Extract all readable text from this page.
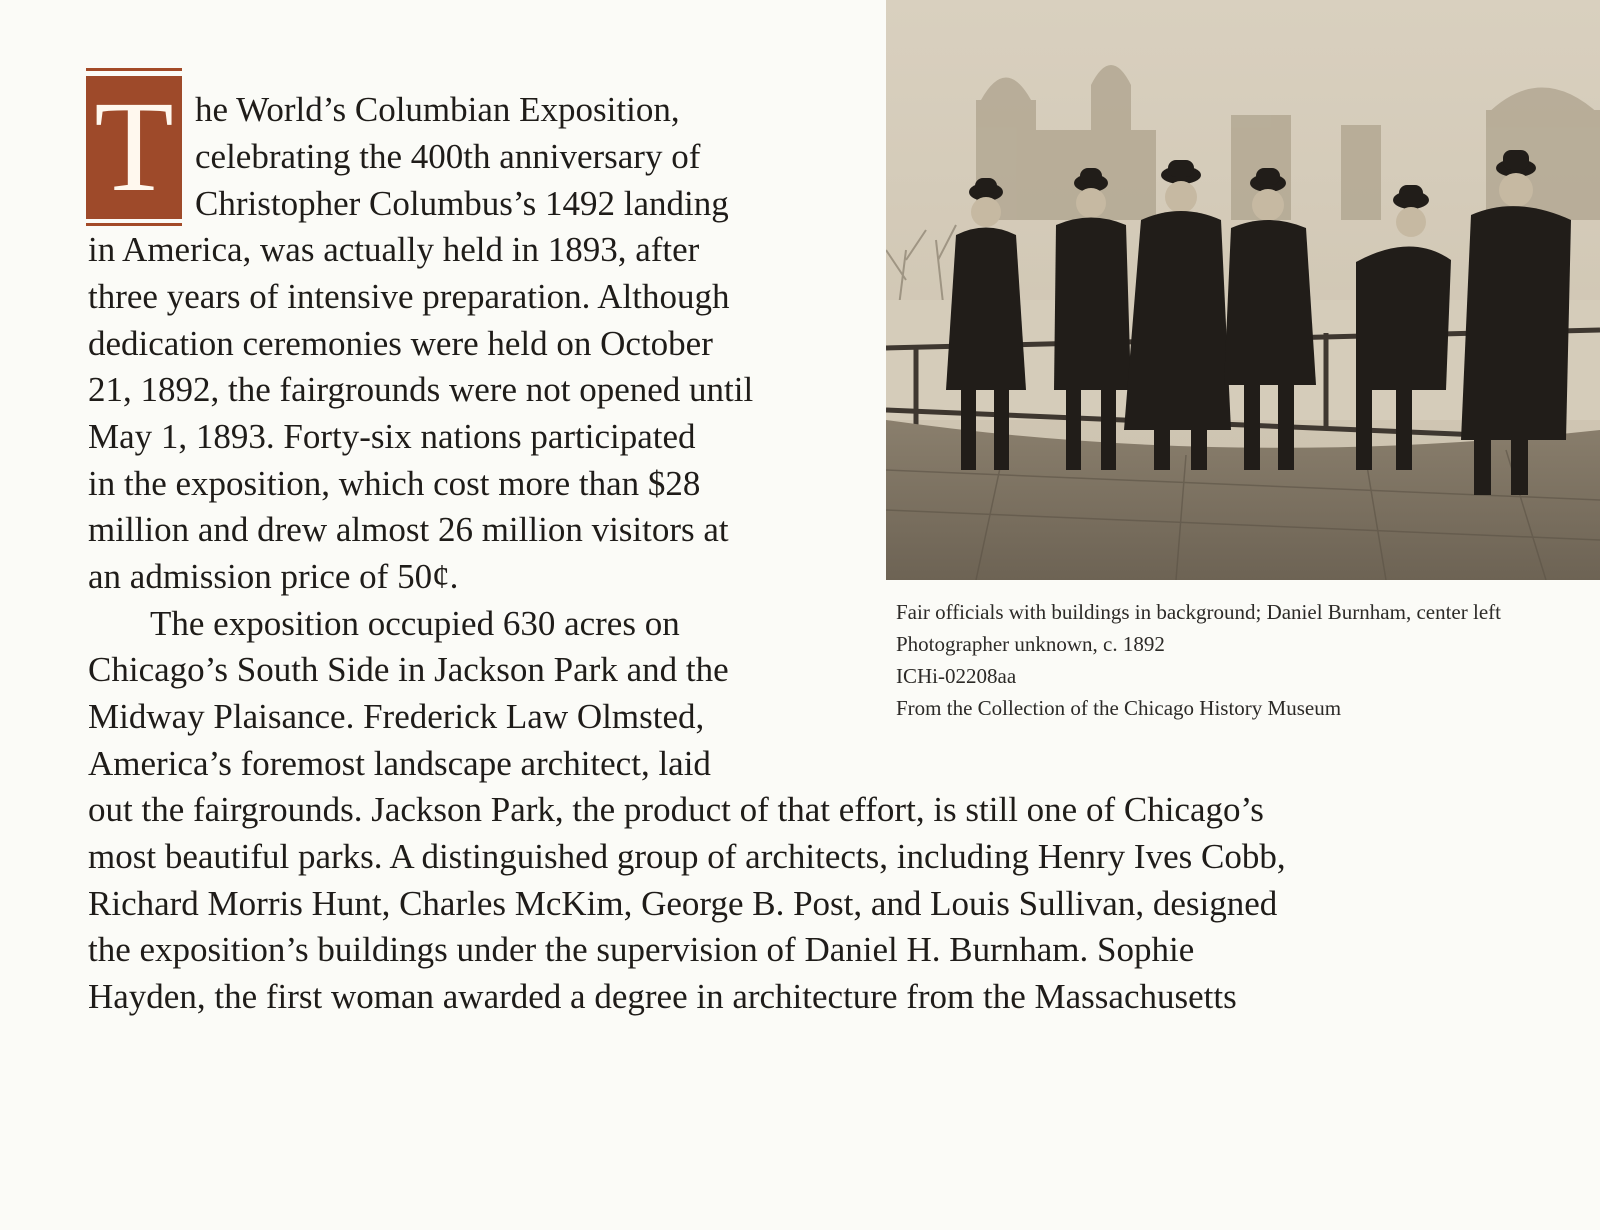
Fair officials with buildings in background; Daniel Burnham, center left
Photographer unknown, c. 1892
ICHi-02208aa
From the Collection of the Chicago History Museum
T he World’s Columbian Exposition,
celebrating the 400th anniversary of
Christopher Columbus’s 1492 landing
in America, was actually held in 1893, after
three years of intensive preparation. Although
dedication ceremonies were held on October
21, 1892, the fairgrounds were not opened until
May 1, 1893. Forty-six nations participated
in the exposition, which cost more than $28
million and drew almost 26 million visitors at
an admission price of 50¢.
The exposition occupied 630 acres on
Chicago’s South Side in Jackson Park and the
Midway Plaisance. Frederick Law Olmsted,
America’s foremost landscape architect, laid
out the fairgrounds. Jackson Park, the product of that effort, is still one of Chicago’s
most beautiful parks. A distinguished group of architects, including Henry Ives Cobb,
Richard Morris Hunt, Charles McKim, George B. Post, and Louis Sullivan, designed
the exposition’s buildings under the supervision of Daniel H. Burnham. Sophie
Hayden, the first woman awarded a degree in architecture from the Massachusetts
